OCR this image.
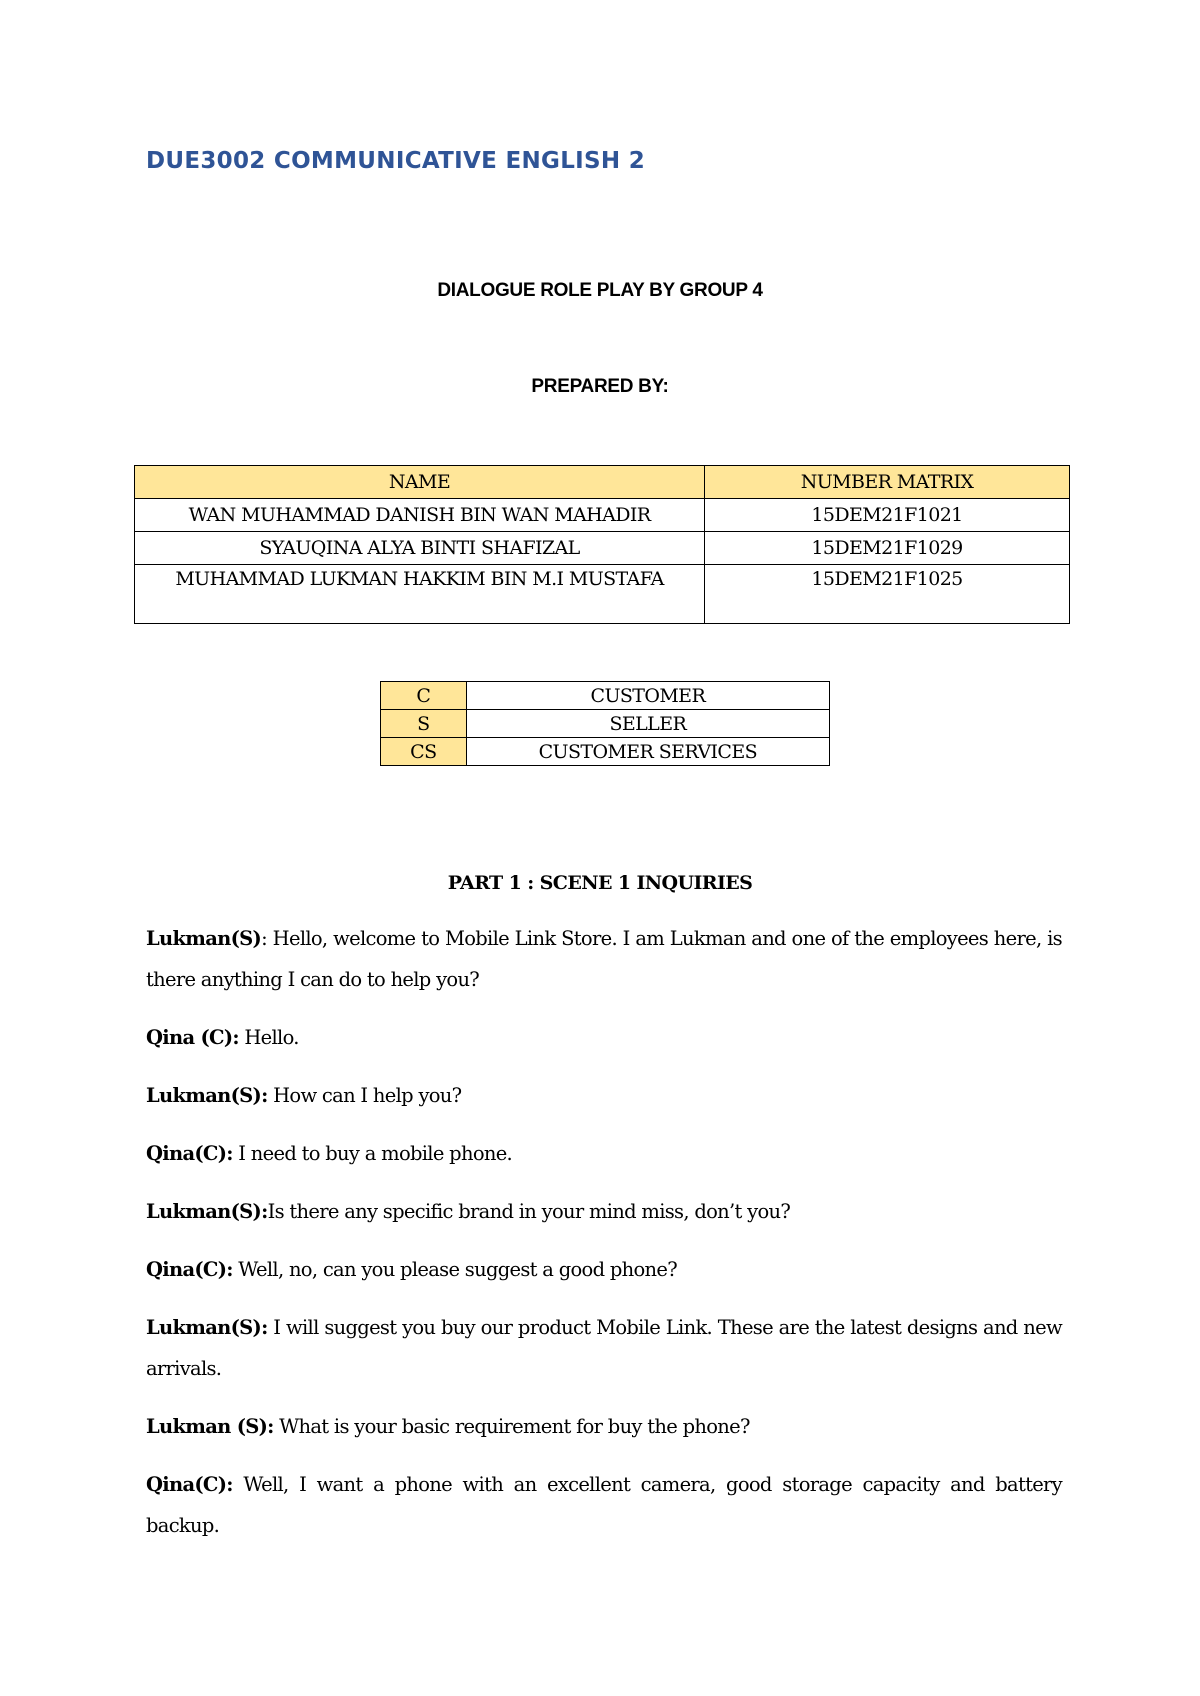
DUE3002 COMMUNICATIVE ENGLISH 2
DIALOGUE ROLE PLAY BY GROUP 4
PREPARED BY:
NAME	NUMBER MATRIX
WAN MUHAMMAD DANISH BIN WAN MAHADIR	15DEM21F1021
SYAUQINA ALYA BINTI SHAFIZAL	15DEM21F1029
MUHAMMAD LUKMAN HAKKIM BIN M.I MUSTAFA	15DEM21F1025
C	CUSTOMER
S	SELLER
CS	CUSTOMER SERVICES
PART 1 : SCENE 1 INQUIRIES

Lukman(S): Hello, welcome to Mobile Link Store. I am Lukman and one of the employees here, is there anything I can do to help you?

Qina (C): Hello.

Lukman(S): How can I help you?

Qina(C): I need to buy a mobile phone.

Lukman(S):Is there any specific brand in your mind miss, don’t you?

Qina(C): Well, no, can you please suggest a good phone?

Lukman(S): I will suggest you buy our product Mobile Link. These are the latest designs and new arrivals.

Lukman (S): What is your basic requirement for buy the phone?

Qina(C): Well, I want a phone with an excellent camera, good storage capacity and battery backup.
